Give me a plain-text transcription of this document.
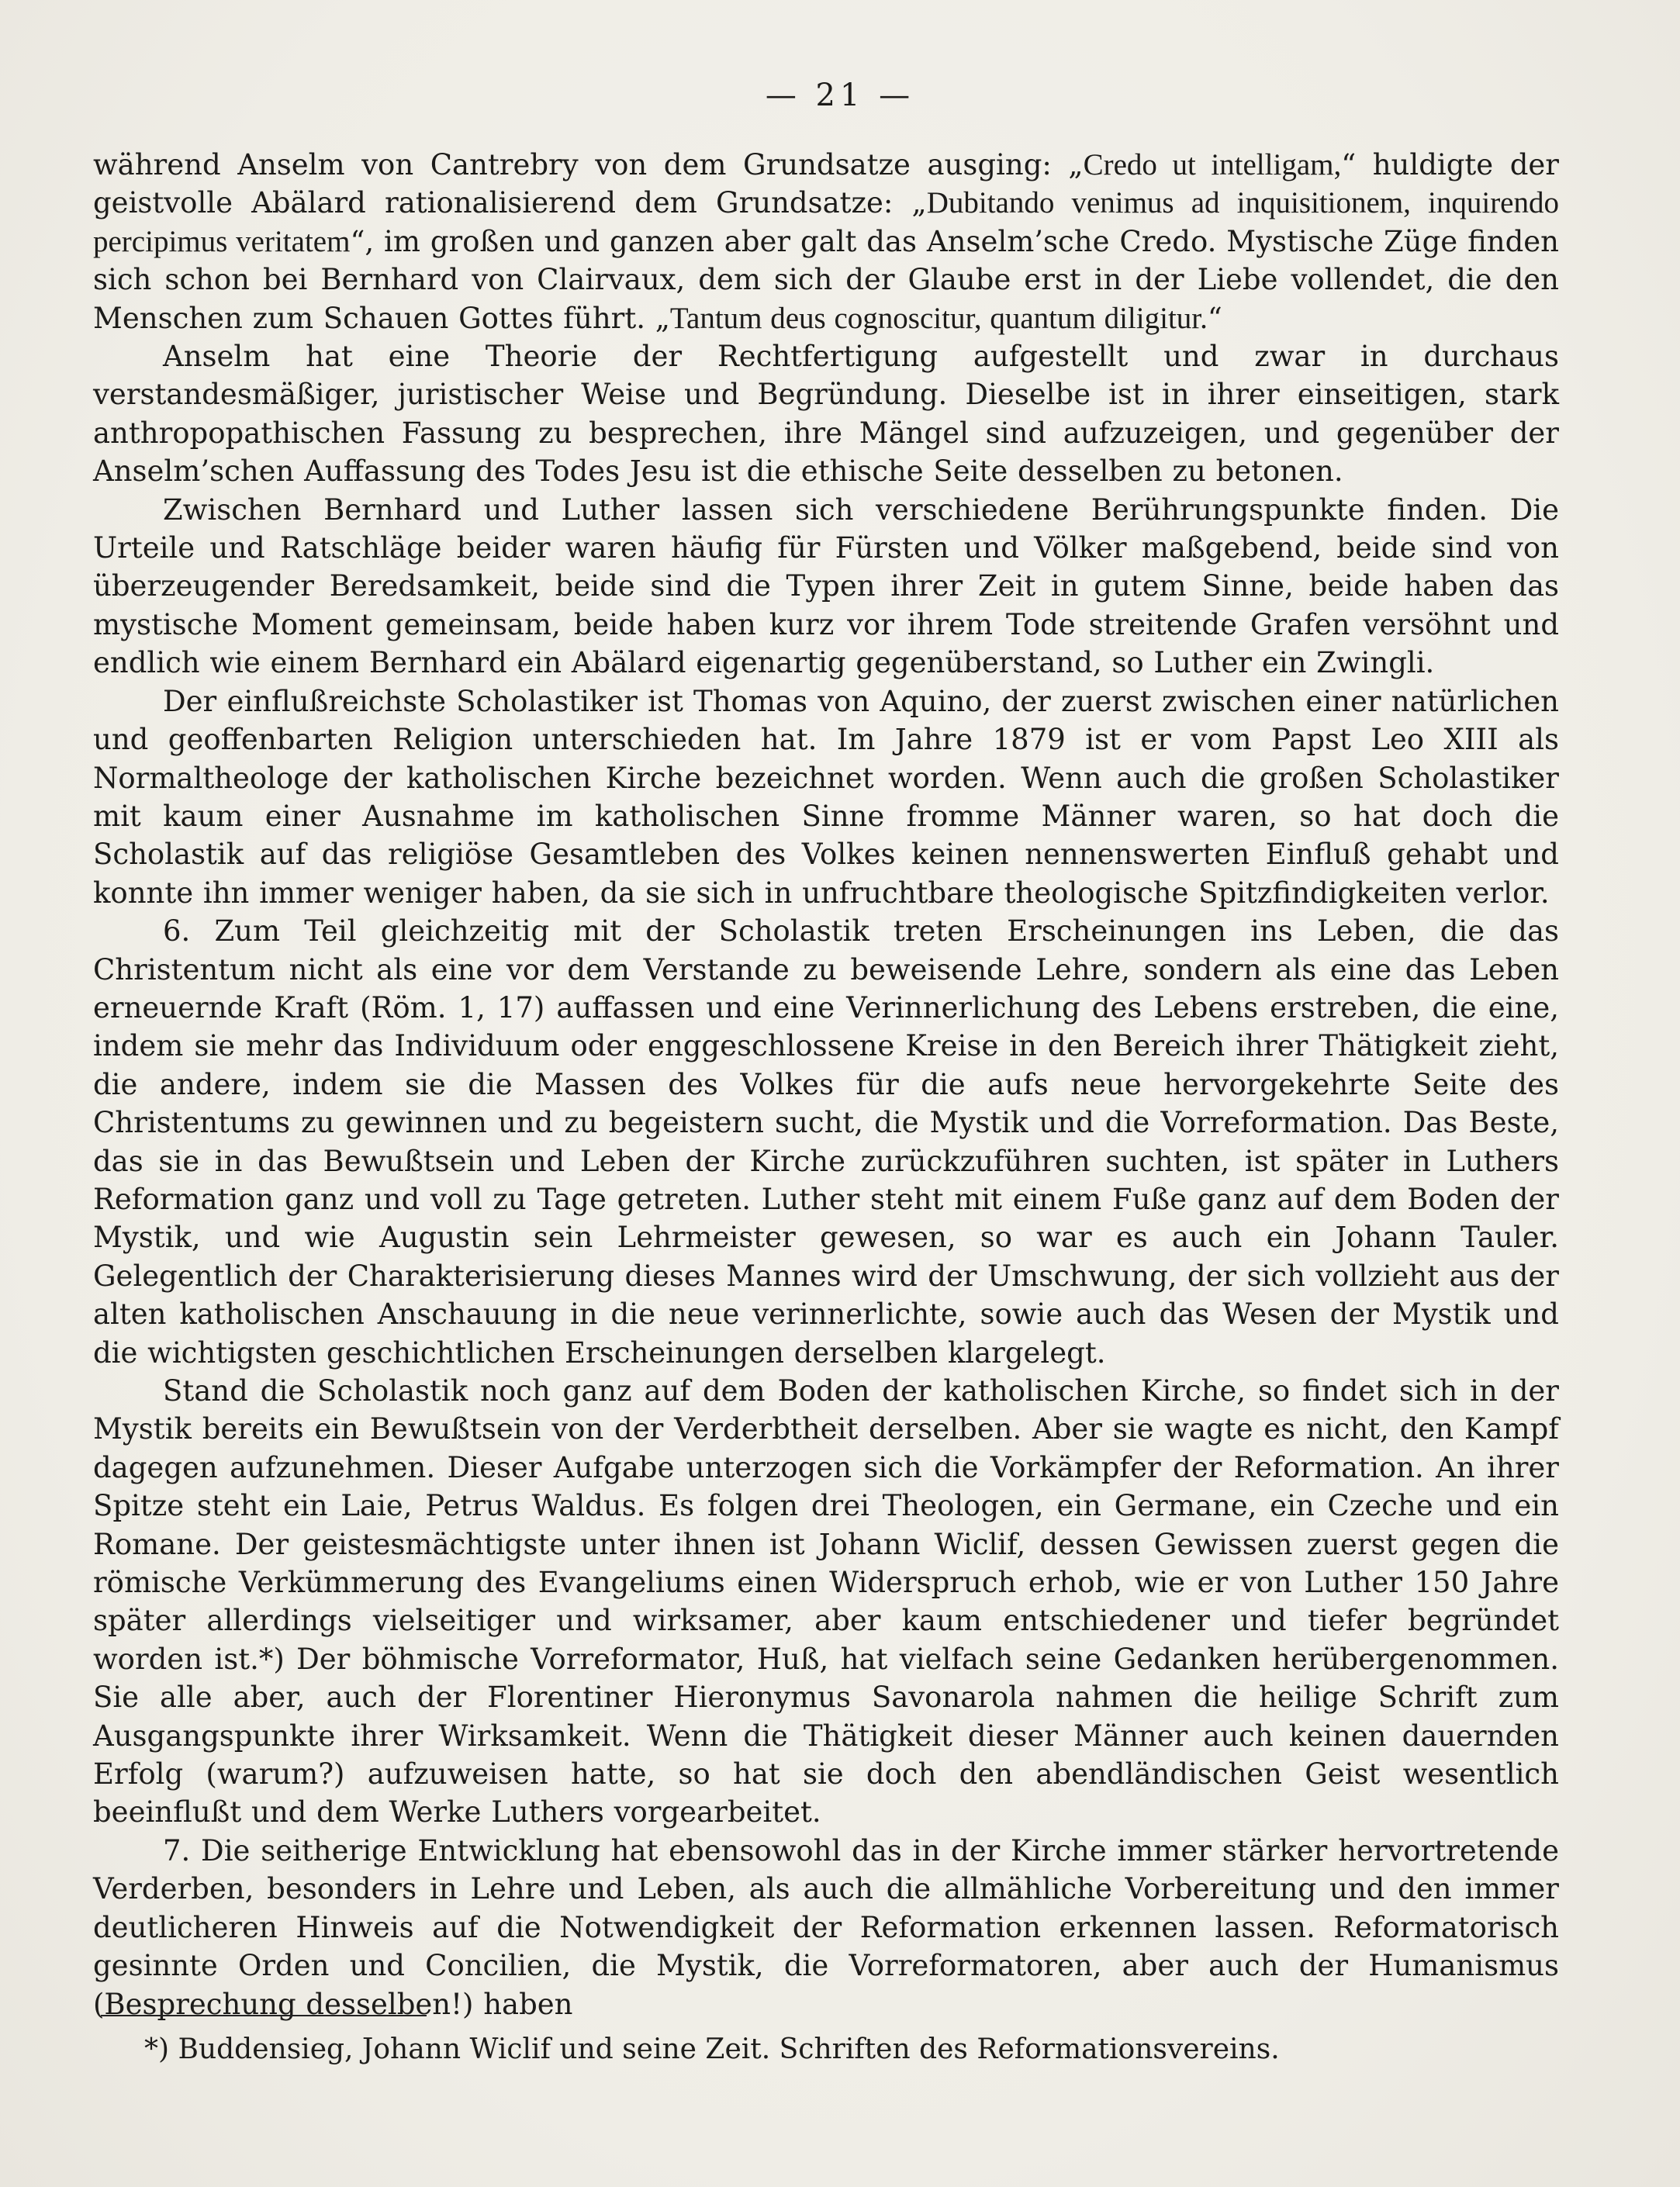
— 21 —

während Anselm von Cantrebry von dem Grundsatze ausging: „Credo ut intelligam,“ huldigte der geistvolle Abälard rationalisierend dem Grundsatze: „Dubitando venimus ad inquisitionem, inquirendo percipimus veritatem“, im großen und ganzen aber galt das Anselm’sche Credo. Mystische Züge finden sich schon bei Bernhard von Clairvaux, dem sich der Glaube erst in der Liebe vollendet, die den Menschen zum Schauen Gottes führt. „Tantum deus cognoscitur, quantum diligitur.“

Anselm hat eine Theorie der Rechtfertigung aufgestellt und zwar in durchaus verstandesmäßiger, juristischer Weise und Begründung. Dieselbe ist in ihrer einseitigen, stark anthropopathischen Fassung zu besprechen, ihre Mängel sind aufzuzeigen, und gegenüber der Anselm’schen Auffassung des Todes Jesu ist die ethische Seite desselben zu betonen.

Zwischen Bernhard und Luther lassen sich verschiedene Berührungspunkte finden. Die Urteile und Ratschläge beider waren häufig für Fürsten und Völker maßgebend, beide sind von überzeugender Beredsamkeit, beide sind die Typen ihrer Zeit in gutem Sinne, beide haben das mystische Moment gemeinsam, beide haben kurz vor ihrem Tode streitende Grafen versöhnt und endlich wie einem Bernhard ein Abälard eigenartig gegenüberstand, so Luther ein Zwingli.

Der einflußreichste Scholastiker ist Thomas von Aquino, der zuerst zwischen einer natürlichen und geoffenbarten Religion unterschieden hat. Im Jahre 1879 ist er vom Papst Leo XIII als Normaltheologe der katholischen Kirche bezeichnet worden. Wenn auch die großen Scholastiker mit kaum einer Ausnahme im katholischen Sinne fromme Männer waren, so hat doch die Scholastik auf das religiöse Gesamtleben des Volkes keinen nennenswerten Einfluß gehabt und konnte ihn immer weniger haben, da sie sich in unfruchtbare theologische Spitzfindigkeiten verlor.

6. Zum Teil gleichzeitig mit der Scholastik treten Erscheinungen ins Leben, die das Christentum nicht als eine vor dem Verstande zu beweisende Lehre, sondern als eine das Leben erneuernde Kraft (Röm. 1, 17) auffassen und eine Verinnerlichung des Lebens erstreben, die eine, indem sie mehr das Individuum oder enggeschlossene Kreise in den Bereich ihrer Thätigkeit zieht, die andere, indem sie die Massen des Volkes für die aufs neue hervorgekehrte Seite des Christentums zu gewinnen und zu begeistern sucht, die Mystik und die Vorreformation. Das Beste, das sie in das Bewußtsein und Leben der Kirche zurückzuführen suchten, ist später in Luthers Reformation ganz und voll zu Tage getreten. Luther steht mit einem Fuße ganz auf dem Boden der Mystik, und wie Augustin sein Lehrmeister gewesen, so war es auch ein Johann Tauler. Gelegentlich der Charakterisierung dieses Mannes wird der Umschwung, der sich vollzieht aus der alten katholischen Anschauung in die neue verinnerlichte, sowie auch das Wesen der Mystik und die wichtigsten geschichtlichen Erscheinungen derselben klargelegt.

Stand die Scholastik noch ganz auf dem Boden der katholischen Kirche, so findet sich in der Mystik bereits ein Bewußtsein von der Verderbtheit derselben. Aber sie wagte es nicht, den Kampf dagegen aufzunehmen. Dieser Aufgabe unterzogen sich die Vorkämpfer der Reformation. An ihrer Spitze steht ein Laie, Petrus Waldus. Es folgen drei Theologen, ein Germane, ein Czeche und ein Romane. Der geistesmächtigste unter ihnen ist Johann Wiclif, dessen Gewissen zuerst gegen die römische Verkümmerung des Evangeliums einen Widerspruch erhob, wie er von Luther 150 Jahre später allerdings vielseitiger und wirksamer, aber kaum entschiedener und tiefer begründet worden ist.*) Der böhmische Vorreformator, Huß, hat vielfach seine Gedanken herübergenommen. Sie alle aber, auch der Florentiner Hieronymus Savonarola nahmen die heilige Schrift zum Ausgangspunkte ihrer Wirksamkeit. Wenn die Thätigkeit dieser Männer auch keinen dauernden Erfolg (warum?) aufzuweisen hatte, so hat sie doch den abendländischen Geist wesentlich beeinflußt und dem Werke Luthers vorgearbeitet.

7. Die seitherige Entwicklung hat ebensowohl das in der Kirche immer stärker hervortretende Verderben, besonders in Lehre und Leben, als auch die allmähliche Vorbereitung und den immer deutlicheren Hinweis auf die Notwendigkeit der Reformation erkennen lassen. Reformatorisch gesinnte Orden und Concilien, die Mystik, die Vorreformatoren, aber auch der Humanismus (Besprechung desselben!) haben

*) Buddensieg, Johann Wiclif und seine Zeit. Schriften des Reformationsvereins.
